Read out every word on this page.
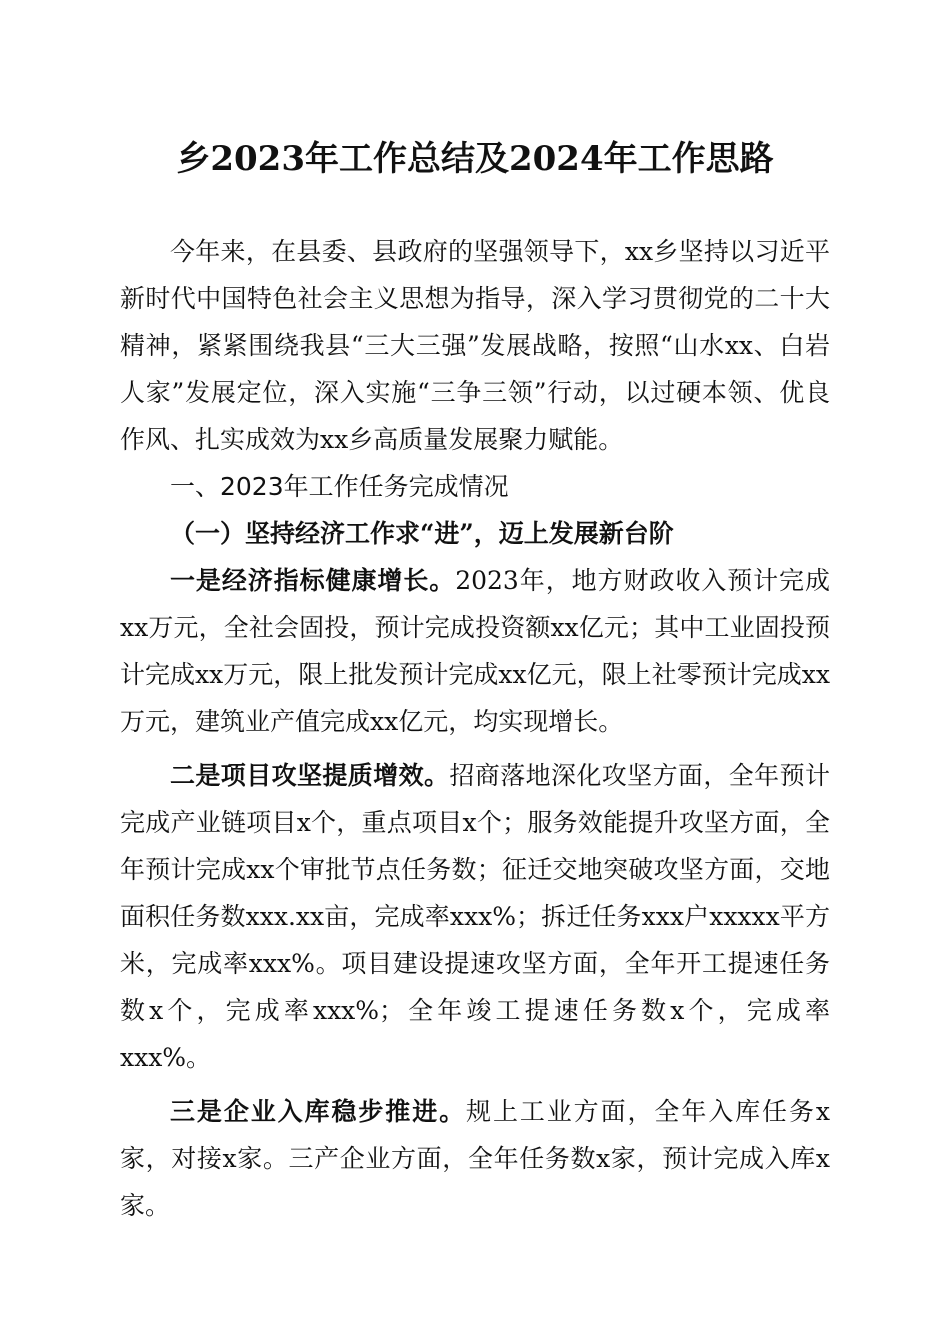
乡2023年工作总结及2024年工作思路

今年来，在县委、县政府的坚强领导下，xx乡坚持以习近平新时代中国特色社会主义思想为指导，深入学习贯彻党的二十大精神，紧紧围绕我县“三大三强”发展战略，按照“山水xx、白岩人家”发展定位，深入实施“三争三领”行动，以过硬本领、优良作风、扎实成效为xx乡高质量发展聚力赋能。

一、2023年工作任务完成情况

（一）坚持经济工作求“进”，迈上发展新台阶

一是经济指标健康增长。2023年，地方财政收入预计完成xx万元，全社会固投，预计完成投资额xx亿元；其中工业固投预计完成xx万元，限上批发预计完成xx亿元，限上社零预计完成xx万元，建筑业产值完成xx亿元，均实现增长。

二是项目攻坚提质增效。招商落地深化攻坚方面，全年预计完成产业链项目x个，重点项目x个；服务效能提升攻坚方面，全年预计完成xx个审批节点任务数；征迁交地突破攻坚方面，交地面积任务数xxx.xx亩，完成率xxx%；拆迁任务xxx户xxxxx平方米，完成率xxx%。项目建设提速攻坚方面，全年开工提速任务数x个，完成率xxx%；全年竣工提速任务数x个，完成率xxx%。

三是企业入库稳步推进。规上工业方面，全年入库任务x家，对接x家。三产企业方面，全年任务数x家，预计完成入库x家。
